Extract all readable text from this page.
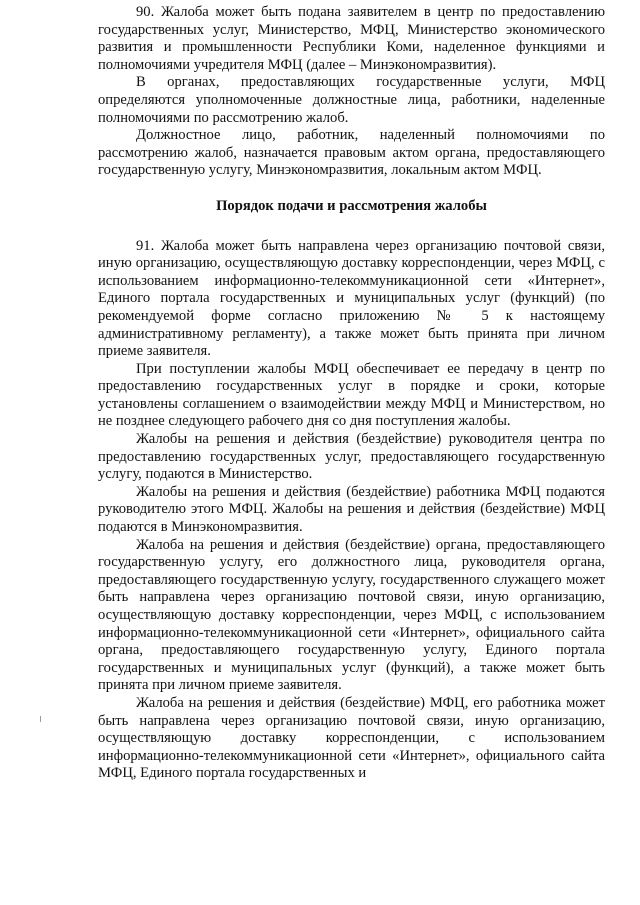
90. Жалоба может быть подана заявителем в центр по предоставлению государственных услуг, Министерство, МФЦ, Министерство экономического развития и промышленности Республики Коми, наделенное функциями и полномочиями учредителя МФЦ (далее – Минэкономразвития).

В органах, предоставляющих государственные услуги, МФЦ определяются уполномоченные должностные лица, работники, наделенные полномочиями по рассмотрению жалоб.

Должностное лицо, работник, наделенный полномочиями по рассмотрению жалоб, назначается правовым актом органа, предоставляющего государственную услугу, Минэкономразвития, локальным актом МФЦ.

Порядок подачи и рассмотрения жалобы

91. Жалоба может быть направлена через организацию почтовой связи, иную организацию, осуществляющую доставку корреспонденции, через МФЦ, с использованием информационно-телекоммуникационной сети «Интернет», Единого портала государственных и муниципальных услуг (функций) (по рекомендуемой форме согласно приложению № 5 к настоящему административному регламенту), а также может быть принята при личном приеме заявителя.

При поступлении жалобы МФЦ обеспечивает ее передачу в центр по предоставлению государственных услуг в порядке и сроки, которые установлены соглашением о взаимодействии между МФЦ и Министерством, но не позднее следующего рабочего дня со дня поступления жалобы.

Жалобы на решения и действия (бездействие) руководителя центра по предоставлению государственных услуг, предоставляющего государственную услугу, подаются в Министерство.

Жалобы на решения и действия (бездействие) работника МФЦ подаются руководителю этого МФЦ. Жалобы на решения и действия (бездействие) МФЦ подаются в Минэкономразвития.

Жалоба на решения и действия (бездействие) органа, предоставляющего государственную услугу, его должностного лица, руководителя органа, предоставляющего государственную услугу, государственного служащего может быть направлена через организацию почтовой связи, иную организацию, осуществляющую доставку корреспонденции, через МФЦ, с использованием информационно-телекоммуникационной сети «Интернет», официального сайта органа, предоставляющего государственную услугу, Единого портала государственных и муниципальных услуг (функций), а также может быть принята при личном приеме заявителя.

Жалоба на решения и действия (бездействие) МФЦ, его работника может быть направлена через организацию почтовой связи, иную организацию, осуществляющую доставку корреспонденции, с использованием информационно-телекоммуникационной сети «Интернет», официального сайта МФЦ, Единого портала государственных и
